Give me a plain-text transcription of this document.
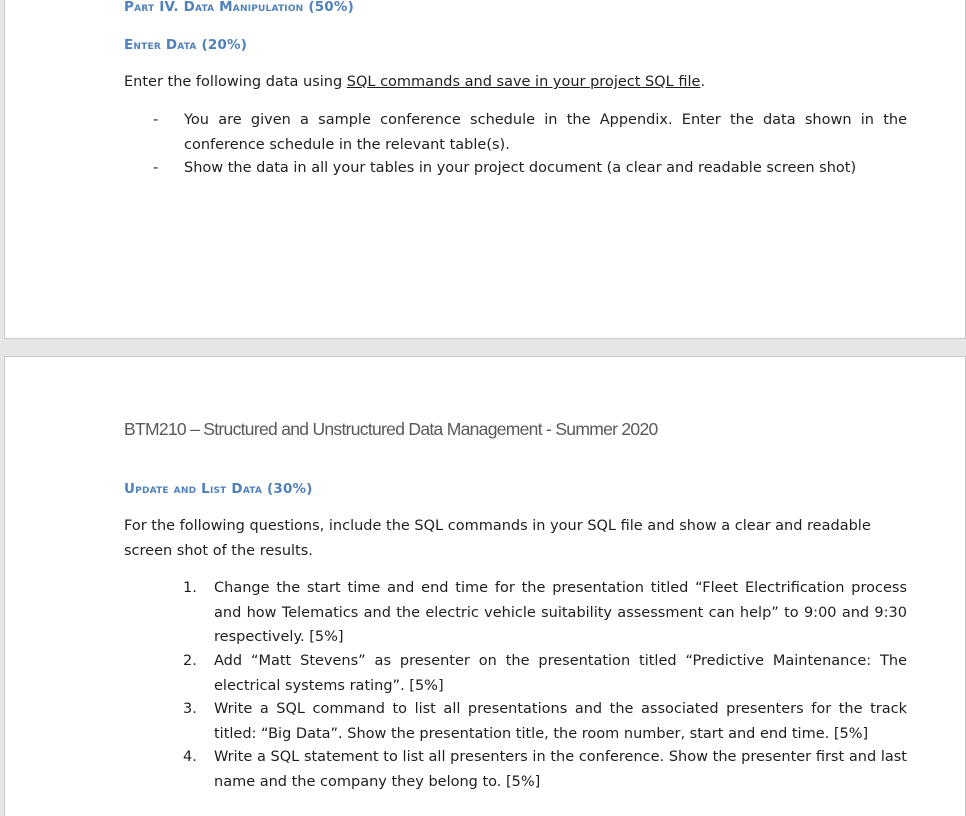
Part IV. Data Manipulation (50%)
Enter Data (20%)

Enter the following data using SQL commands and save in your project SQL file.

- You are given a sample conference schedule in the Appendix. Enter the data shown in the conference schedule in the relevant table(s).
- Show the data in all your tables in your project document (a clear and readable screen shot)

BTM210 – Structured and Unstructured Data Management - Summer 2020

Update and List Data (30%)

For the following questions, include the SQL commands in your SQL file and show a clear and readable screen shot of the results.

1. Change the start time and end time for the presentation titled “Fleet Electrification process and how Telematics and the electric vehicle suitability assessment can help” to 9:00 and 9:30 respectively. [5%]
2. Add “Matt Stevens” as presenter on the presentation titled “Predictive Maintenance: The electrical systems rating”. [5%]
3. Write a SQL command to list all presentations and the associated presenters for the track titled: “Big Data”. Show the presentation title, the room number, start and end time. [5%]
4. Write a SQL statement to list all presenters in the conference. Show the presenter first and last name and the company they belong to. [5%]
